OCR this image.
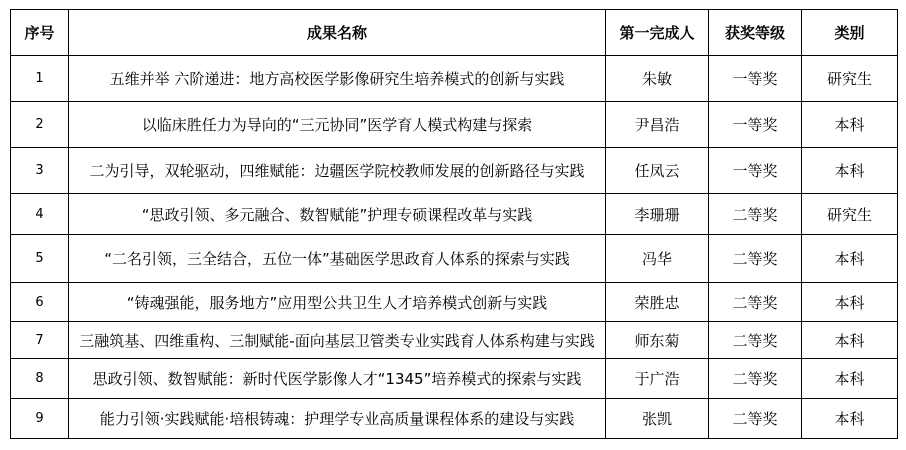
序号	成果名称	第一完成人	获奖等级	类别
1	五维并举 六阶递进：地方高校医学影像研究生培养模式的创新与实践	朱敏	一等奖	研究生
2	以临床胜任力为导向的“三元协同”医学育人模式构建与探索	尹昌浩	一等奖	本科
3	二为引导，双轮驱动，四维赋能：边疆医学院校教师发展的创新路径与实践	任凤云	一等奖	本科
4	“思政引领、多元融合、数智赋能”护理专硕课程改革与实践	李珊珊	二等奖	研究生
5	“二名引领，三全结合，五位一体”基础医学思政育人体系的探索与实践	冯华	二等奖	本科
6	“铸魂强能，服务地方”应用型公共卫生人才培养模式创新与实践	荣胜忠	二等奖	本科
7	三融筑基、四维重构、三制赋能-面向基层卫管类专业实践育人体系构建与实践	师东菊	二等奖	本科
8	思政引领、数智赋能：新时代医学影像人才“1345”培养模式的探索与实践	于广浩	二等奖	本科
9	能力引领·实践赋能·培根铸魂：护理学专业高质量课程体系的建设与实践	张凯	二等奖	本科
